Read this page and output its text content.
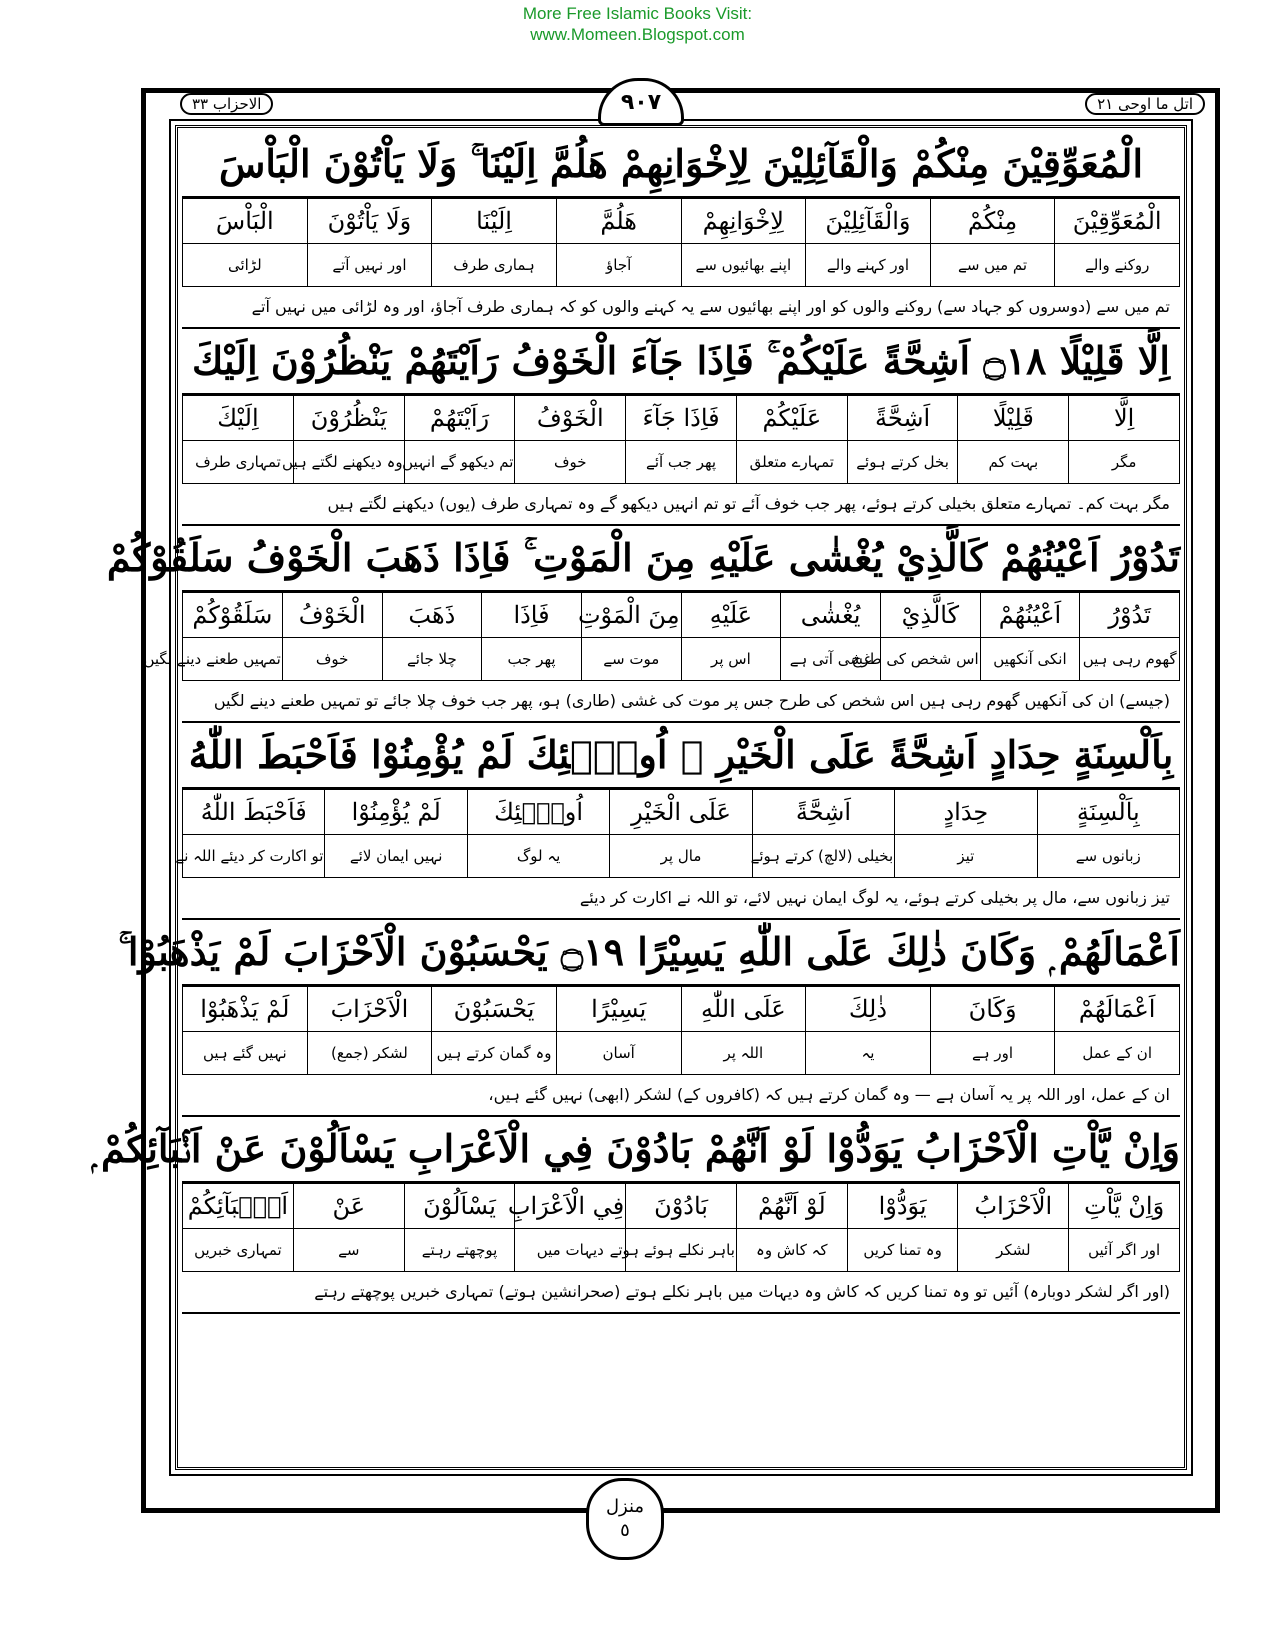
More Free Islamic Books Visit:
www.Momeen.Blogspot.com
الاحزاب ٣٣	اتل ما اوحی ٢١
٩٠٧
الْمُعَوِّقِيْنَ مِنْكُمْ وَالْقَآئِلِيْنَ لِاِخْوَانِهِمْ هَلُمَّ اِلَيْنَا ۚ وَلَا يَاْتُوْنَ الْبَاْسَ
الْمُعَوِّقِيْنَ	مِنْكُمْ	وَالْقَآئِلِيْنَ	لِاِخْوَانِهِمْ	هَلُمَّ	اِلَيْنَا	وَلَا يَاْتُوْنَ	الْبَاْسَ
روکنے والے	تم میں سے	اور کہنے والے	اپنے بھائیوں سے	آجاؤ	ہماری طرف	اور نہیں آتے	لڑائی
تم میں سے (دوسروں کو جہاد سے) روکنے والوں کو اور اپنے بھائیوں سے یہ کہنے والوں کو کہ ہماری طرف آجاؤ، اور وہ لڑائی میں نہیں آتے
اِلَّا قَلِيْلًا ۝١٨ اَشِحَّةً عَلَيْكُمْ ۚ فَاِذَا جَآءَ الْخَوْفُ رَاَيْتَهُمْ يَنْظُرُوْنَ اِلَيْكَ
اِلَّا	قَلِيْلًا	اَشِحَّةً	عَلَيْكُمْ	فَاِذَا جَآءَ	الْخَوْفُ	رَاَيْتَهُمْ	يَنْظُرُوْنَ	اِلَيْكَ
مگر	بہت کم	بخل کرتے ہوئے	تمہارے متعلق	پھر جب آئے	خوف	تم دیکھو گے انہیں	وہ دیکھنے لگتے ہیں	تمہاری طرف
مگر بہت کم۔ تمہارے متعلق بخیلی کرتے ہوئے، پھر جب خوف آئے تو تم انہیں دیکھو گے وہ تمہاری طرف (یوں) دیکھنے لگتے ہیں
تَدُوْرُ اَعْيُنُهُمْ كَالَّذِيْ يُغْشٰى عَلَيْهِ مِنَ الْمَوْتِ ۚ فَاِذَا ذَهَبَ الْخَوْفُ سَلَقُوْكُمْ
تَدُوْرُ	اَعْيُنُهُمْ	كَالَّذِيْ	يُغْشٰى	عَلَيْهِ	مِنَ الْمَوْتِ	فَاِذَا	ذَهَبَ	الْخَوْفُ	سَلَقُوْكُمْ
گھوم رہی ہیں	انکی آنکھیں	اس شخص کی طرح	غشی آتی ہے	اس پر	موت سے	پھر جب	چلا جائے	خوف	تمہیں طعنے دینے لگیں
(جیسے) ان کی آنکھیں گھوم رہی ہیں اس شخص کی طرح جس پر موت کی غشی (طاری) ہو، پھر جب خوف چلا جائے تو تمہیں طعنے دینے لگیں
بِاَلْسِنَةٍ حِدَادٍ اَشِحَّةً عَلَى الْخَيْرِ ۭ اُولٰۤئِكَ لَمْ يُؤْمِنُوْا فَاَحْبَطَ اللّٰهُ
بِاَلْسِنَةٍ	حِدَادٍ	اَشِحَّةً	عَلَى الْخَيْرِ	اُولٰۤئِكَ	لَمْ يُؤْمِنُوْا	فَاَحْبَطَ اللّٰهُ
زبانوں سے	تیز	بخیلی (لالچ) کرتے ہوئے	مال پر	یہ لوگ	نہیں ایمان لائے	تو اکارت کر دیئے اللہ نے
تیز زبانوں سے، مال پر بخیلی کرتے ہوئے، یہ لوگ ایمان نہیں لائے، تو اللہ نے اکارت کر دیئے
اَعْمَالَهُمْ ۭ وَكَانَ ذٰلِكَ عَلَى اللّٰهِ يَسِيْرًا ۝١٩ يَحْسَبُوْنَ الْاَحْزَابَ لَمْ يَذْهَبُوْا ۚ
اَعْمَالَهُمْ	وَكَانَ	ذٰلِكَ	عَلَى اللّٰهِ	يَسِيْرًا	يَحْسَبُوْنَ	الْاَحْزَابَ	لَمْ يَذْهَبُوْا
ان کے عمل	اور ہے	یہ	اللہ پر	آسان	وہ گمان کرتے ہیں	لشکر (جمع)	نہیں گئے ہیں
ان کے عمل، اور اللہ پر یہ آسان ہے — وہ گمان کرتے ہیں کہ (کافروں کے) لشکر (ابھی) نہیں گئے ہیں،
وَاِنْ يَّاْتِ الْاَحْزَابُ يَوَدُّوْا لَوْ اَنَّهُمْ بَادُوْنَ فِي الْاَعْرَابِ يَسْاَلُوْنَ عَنْ اَنْۢبَآئِكُمْ ۭ
وَاِنْ يَّاْتِ	الْاَحْزَابُ	يَوَدُّوْا	لَوْ اَنَّهُمْ	بَادُوْنَ	فِي الْاَعْرَابِ	يَسْاَلُوْنَ	عَنْ	اَنْۢبَآئِكُمْ
اور اگر آئیں	لشکر	وہ تمنا کریں	کہ کاش وہ	باہر نکلے ہوئے ہوتے	دیہات میں	پوچھتے رہتے	سے	تمہاری خبریں
(اور اگر لشکر دوبارہ) آئیں تو وہ تمنا کریں کہ کاش وہ دیہات میں باہر نکلے ہوتے (صحرانشین ہوتے) تمہاری خبریں پوچھتے رہتے
منزل
٥
